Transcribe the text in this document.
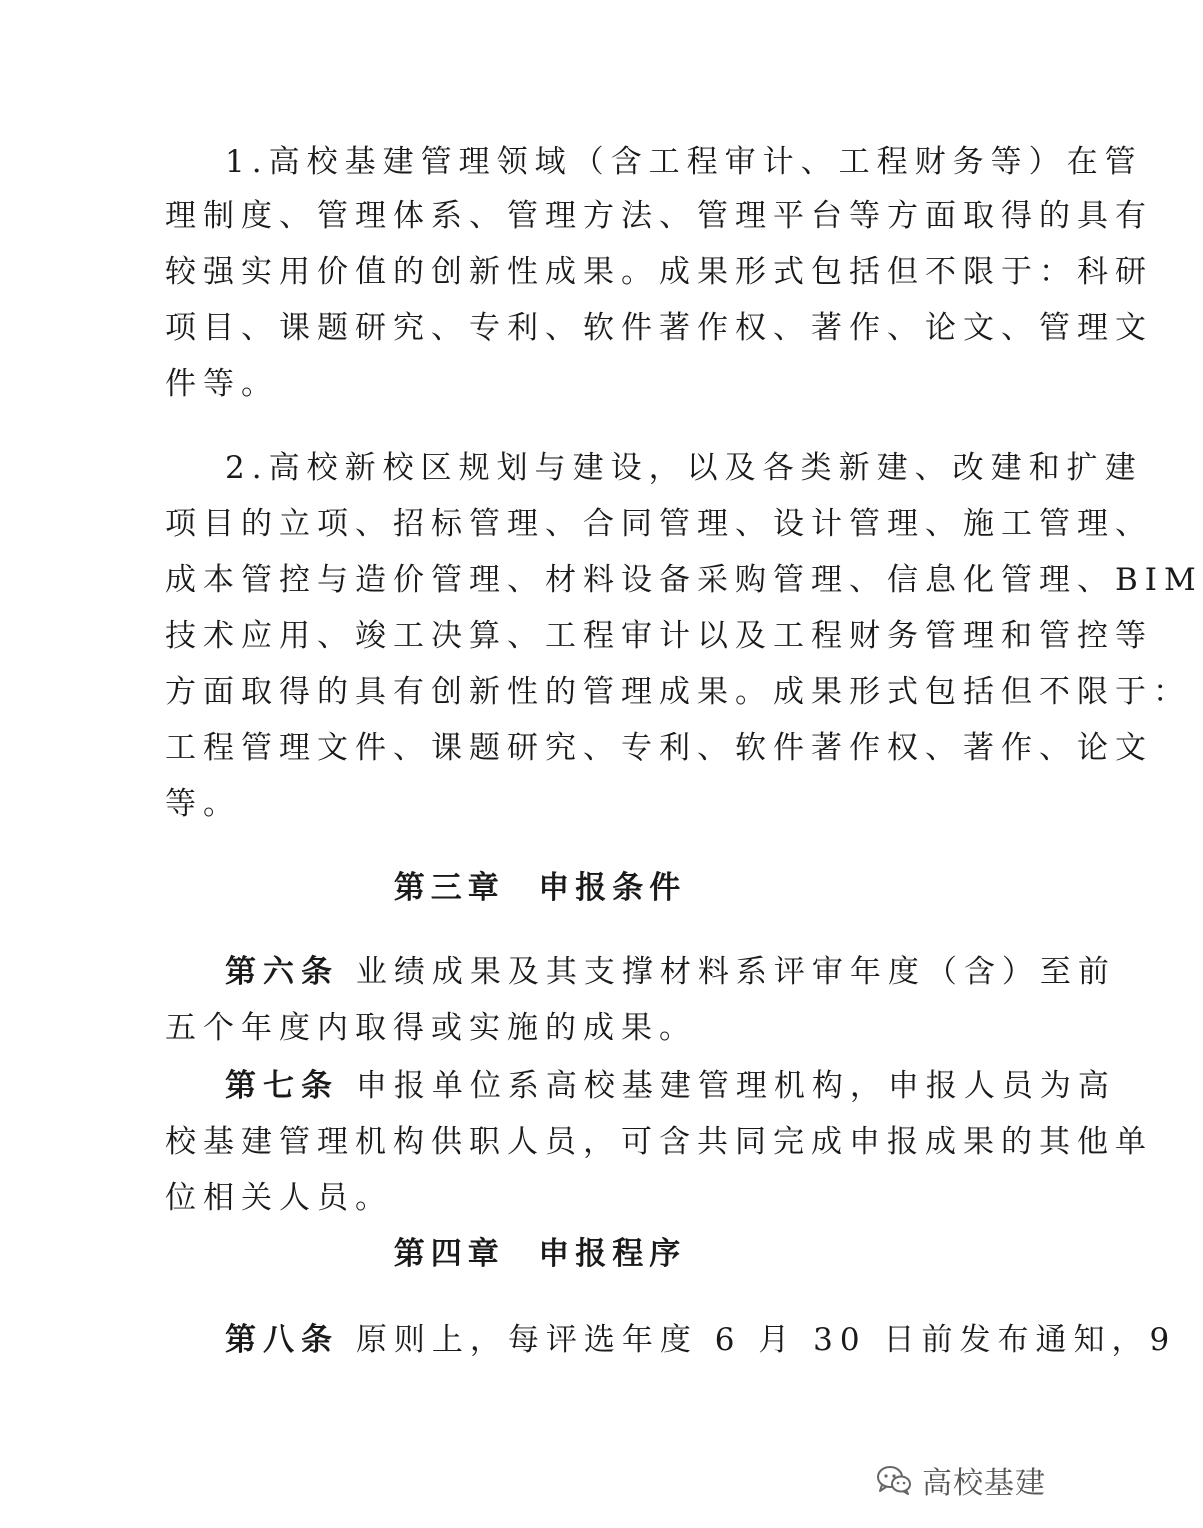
1.高校基建管理领域（含工程审计、工程财务等）在管
理制度、管理体系、管理方法、管理平台等方面取得的具有
较强实用价值的创新性成果。成果形式包括但不限于：科研
项目、课题研究、专利、软件著作权、著作、论文、管理文
件等。
2.高校新校区规划与建设，以及各类新建、改建和扩建
项目的立项、招标管理、合同管理、设计管理、施工管理、
成本管控与造价管理、材料设备采购管理、信息化管理、BIM
技术应用、竣工决算、工程审计以及工程财务管理和管控等
方面取得的具有创新性的管理成果。成果形式包括但不限于：
工程管理文件、课题研究、专利、软件著作权、著作、论文
等。
第三章  申报条件
第六条 业绩成果及其支撑材料系评审年度（含）至前
五个年度内取得或实施的成果。
第七条 申报单位系高校基建管理机构，申报人员为高
校基建管理机构供职人员，可含共同完成申报成果的其他单
位相关人员。
第四章  申报程序
第八条 原则上，每评选年度 6 月 30 日前发布通知，9
高校基建
